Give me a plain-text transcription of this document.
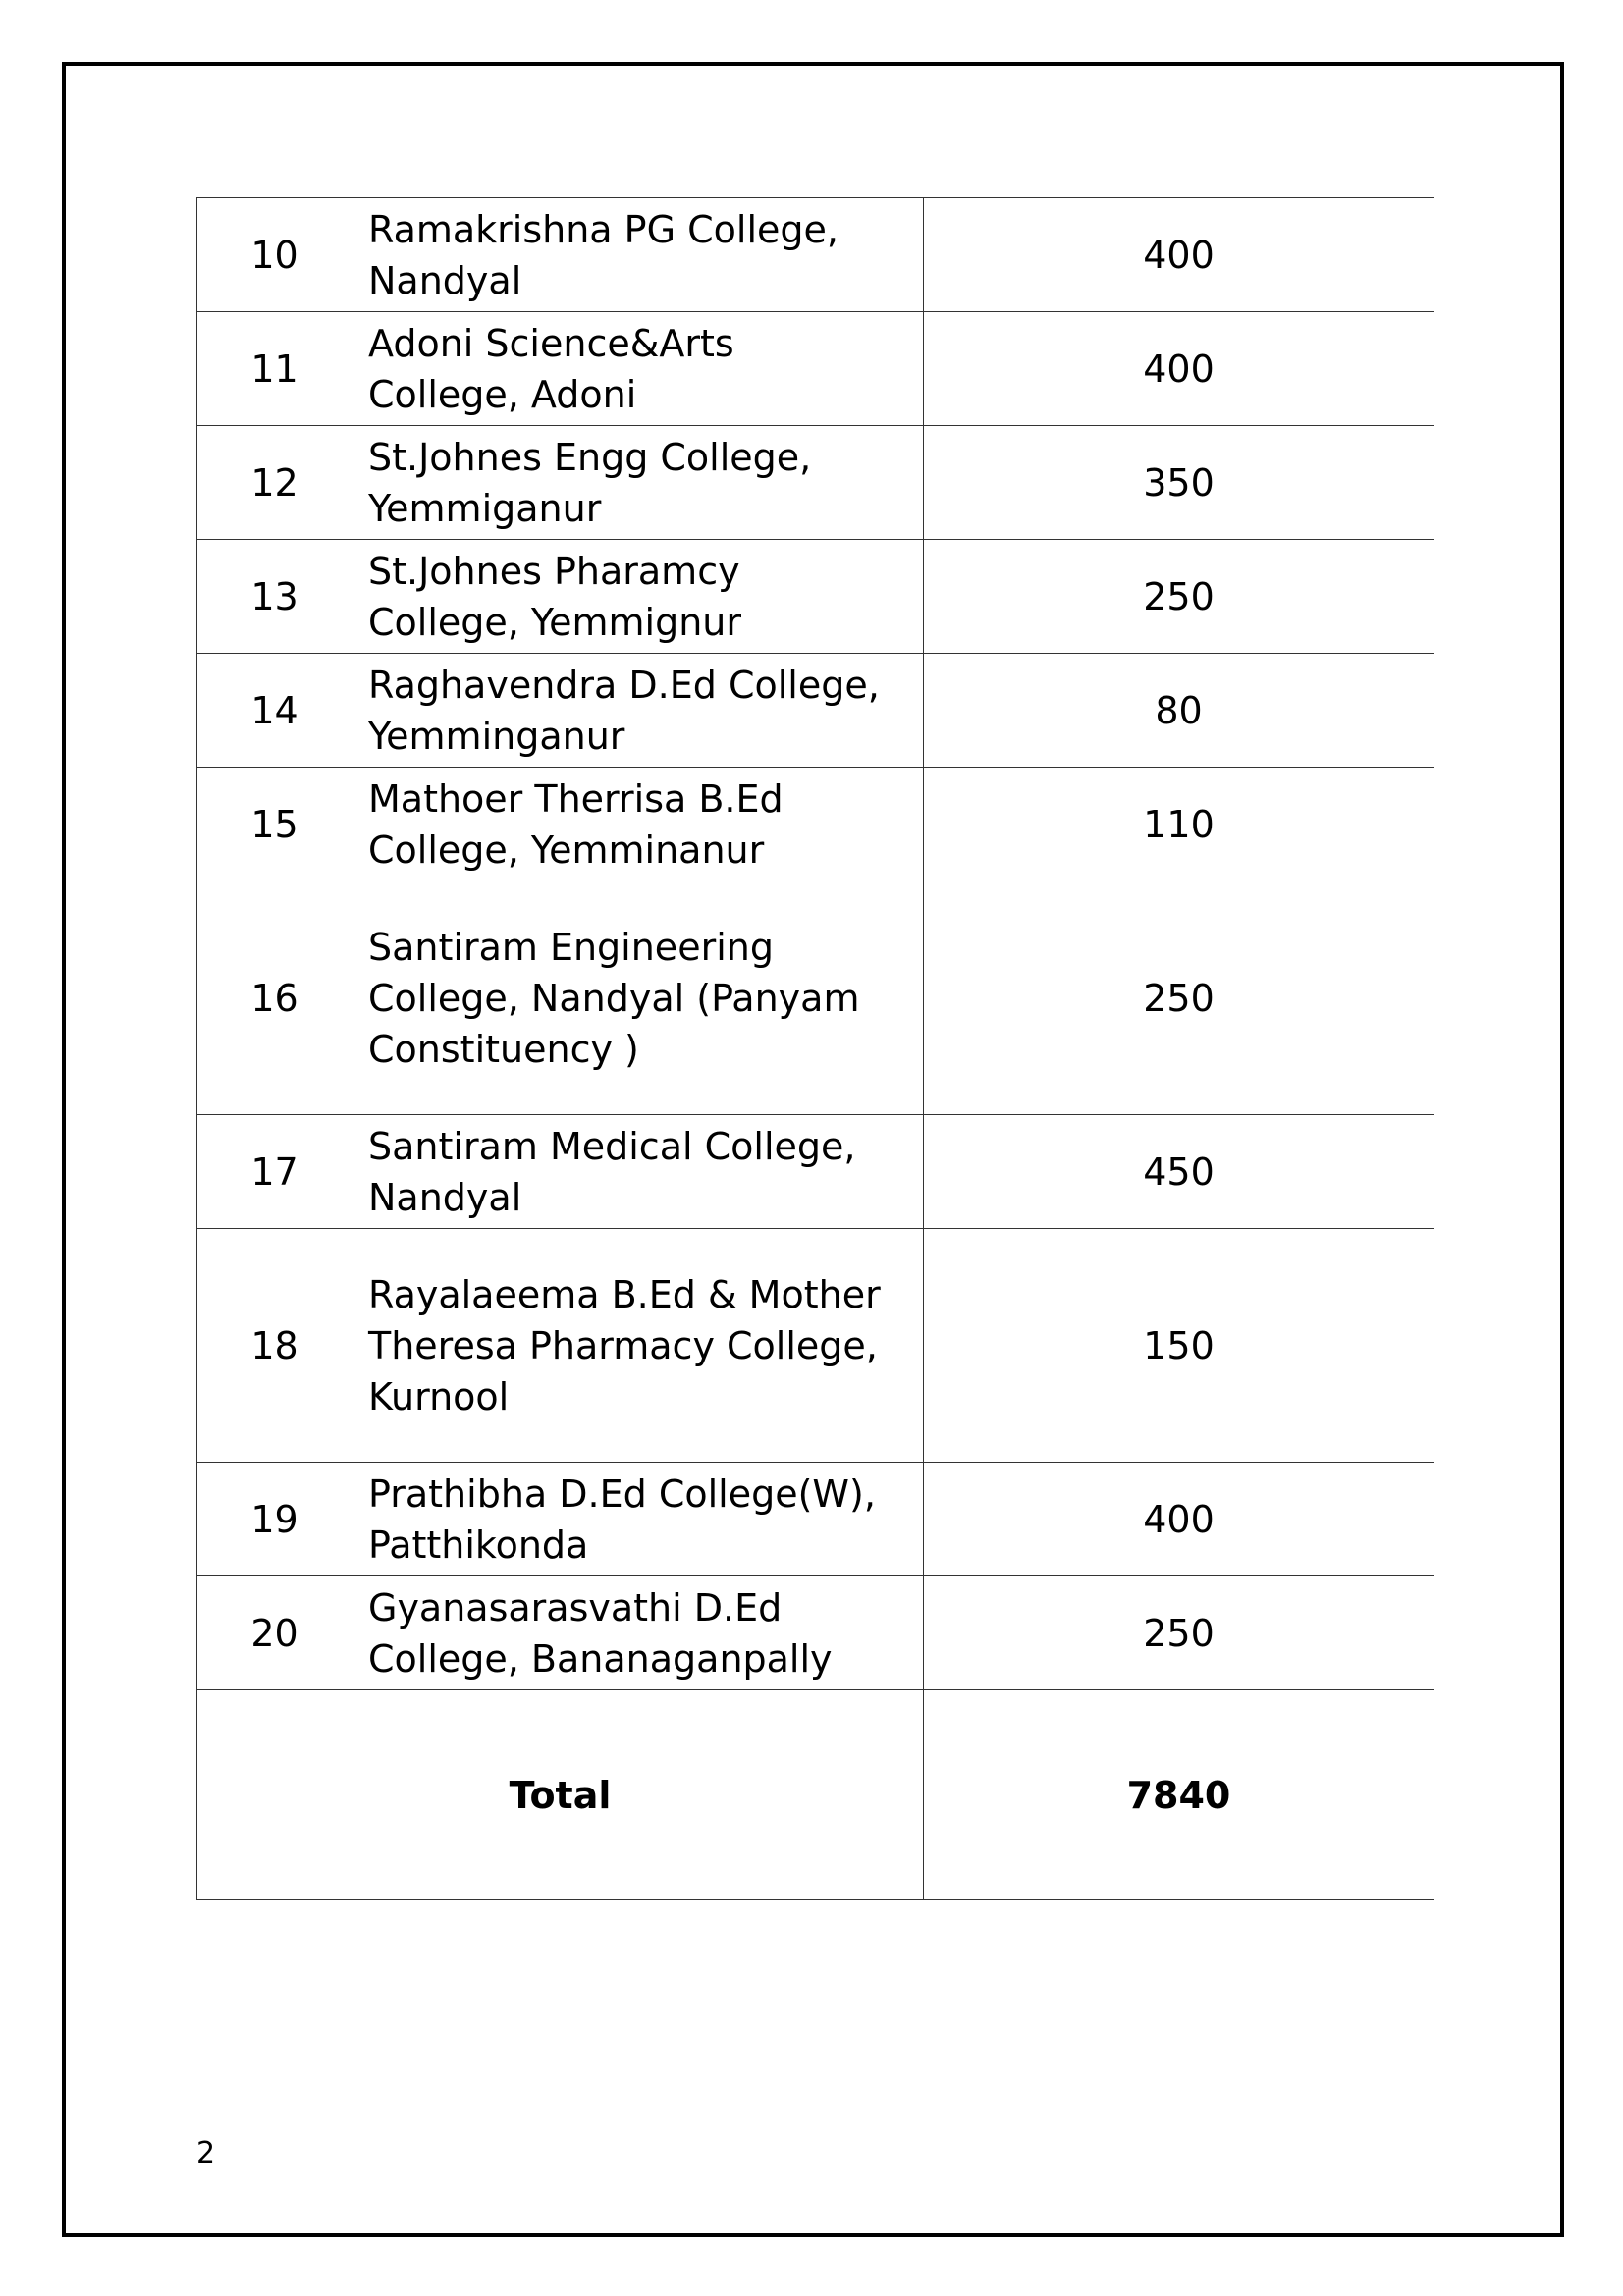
10	Ramakrishna PG College,
Nandyal	400
11	Adoni Science&Arts
College, Adoni	400
12	St.Johnes Engg College,
Yemmiganur	350
13	St.Johnes Pharamcy
College, Yemmignur	250
14	Raghavendra D.Ed College,
Yemminganur	80
15	Mathoer Therrisa B.Ed
College, Yemminanur	110
16	Santiram Engineering
College, Nandyal (Panyam
Constituency )	250
17	Santiram Medical College,
Nandyal	450
18	Rayalaeema B.Ed & Mother
Theresa Pharmacy College,
Kurnool	150
19	Prathibha D.Ed College(W),
Patthikonda	400
20	Gyanasarasvathi D.Ed
College, Bananaganpally	250
Total		7840
2
